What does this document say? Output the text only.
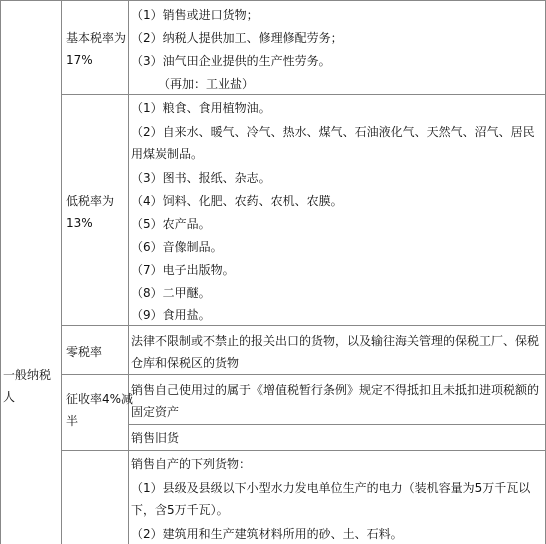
一般纳税
人
基本税率为
17%
低税率为
13%
零税率
征收率4%减
半
（1）销售或进口货物；
（2）纳税人提供加工、修理修配劳务；
（3）油气田企业提供的生产性劳务。
（再加：工业盐）
（1）粮食、食用植物油。
（2）自来水、暖气、冷气、热水、煤气、石油液化气、天然气、沼气、居民
用煤炭制品。
（3）图书、报纸、杂志。
（4）饲料、化肥、农药、农机、农膜。
（5）农产品。
（6）音像制品。
（7）电子出版物。
（8）二甲醚。
（9）食用盐。
法律不限制或不禁止的报关出口的货物，以及输往海关管理的保税工厂、保税
仓库和保税区的货物
销售自己使用过的属于《增值税暂行条例》规定不得抵扣且未抵扣进项税额的
固定资产
销售旧货
销售自产的下列货物：
（1）县级及县级以下小型水力发电单位生产的电力（装机容量为5万千瓦以
下，含5万千瓦）。
（2）建筑用和生产建筑材料所用的砂、土、石料。
